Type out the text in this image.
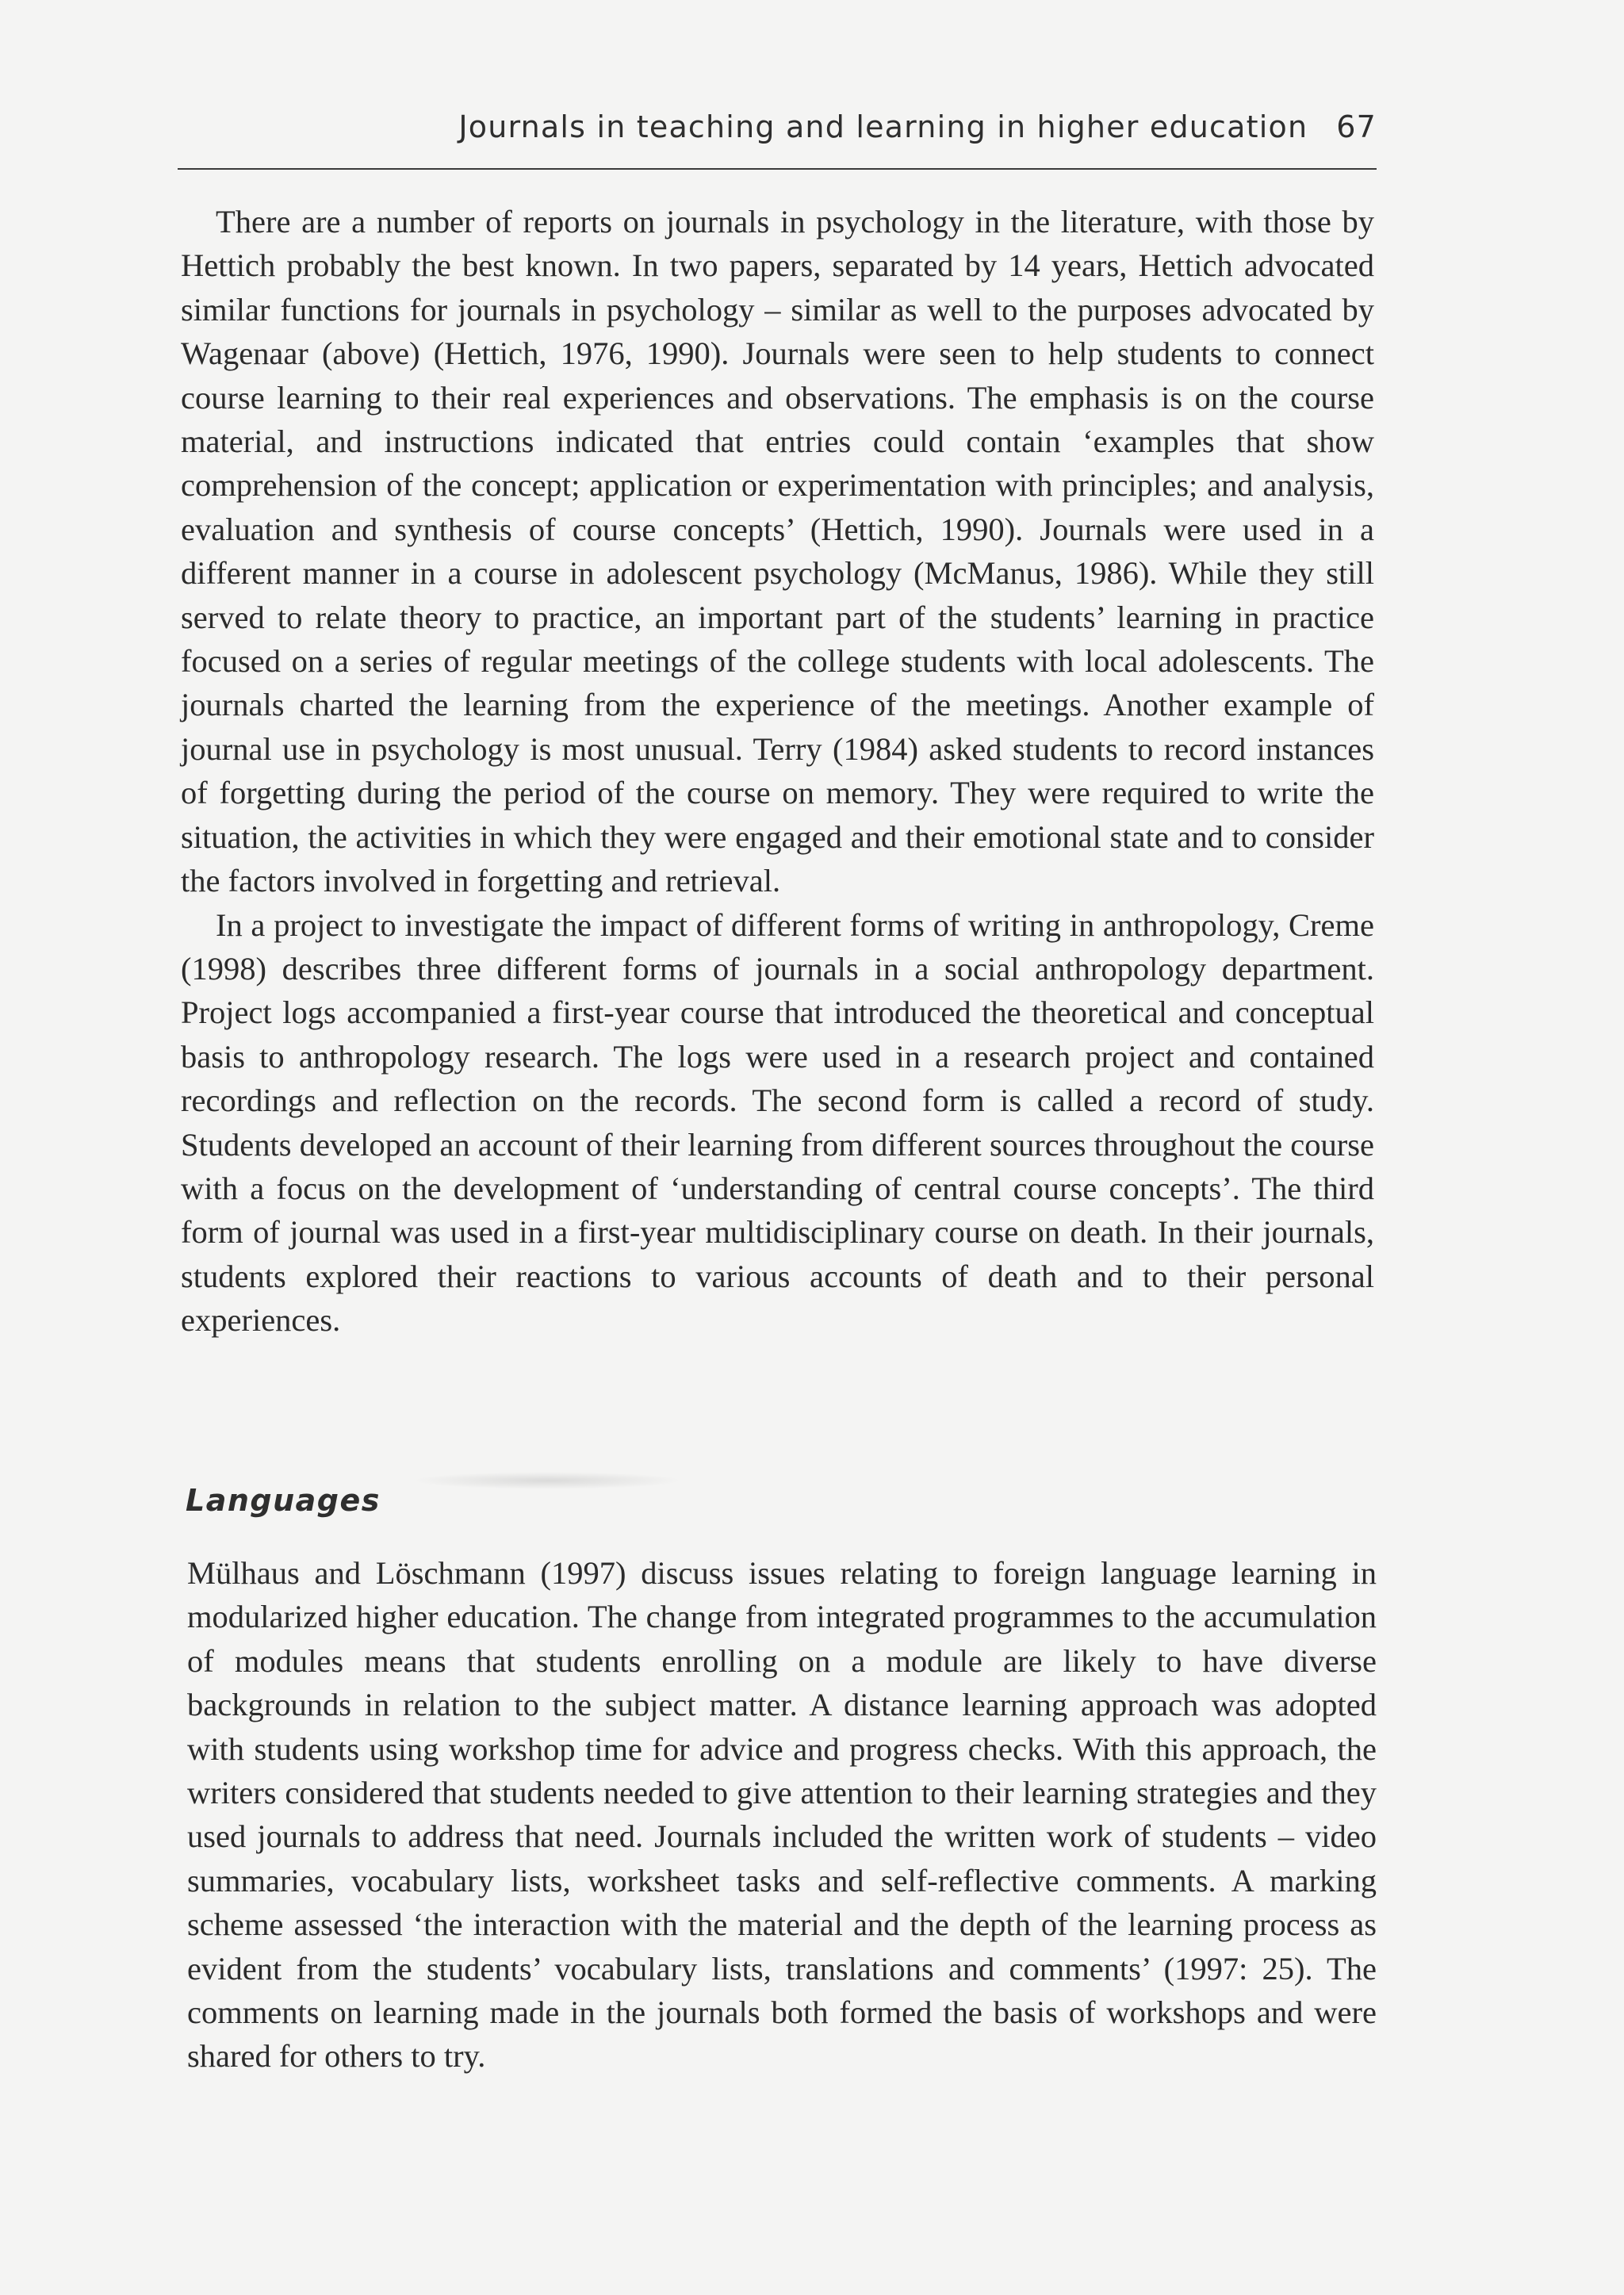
Journals in teaching and learning in higher education 67

There are a number of reports on journals in psychology in the literature, with those by Hettich probably the best known. In two papers, separated by 14 years, Hettich advocated similar functions for journals in psychology – similar as well to the purposes advocated by Wagenaar (above) (Hettich, 1976, 1990). Journals were seen to help students to connect course learning to their real experiences and observations. The emphasis is on the course material, and instructions indicated that entries could contain ‘examples that show comprehension of the concept; application or experimentation with principles; and analysis, evaluation and synthesis of course concepts’ (Hettich, 1990). Journals were used in a different manner in a course in adolescent psychology (McManus, 1986). While they still served to relate theory to practice, an important part of the students’ learning in practice focused on a series of regular meetings of the college students with local adolescents. The journals charted the learning from the experience of the meetings. Another example of journal use in psychology is most unusual. Terry (1984) asked students to record instances of forgetting during the period of the course on memory. They were required to write the situation, the activities in which they were engaged and their emotional state and to consider the factors involved in forgetting and retrieval.

In a project to investigate the impact of different forms of writing in anthropology, Creme (1998) describes three different forms of journals in a social anthropology department. Project logs accompanied a first-year course that introduced the theoretical and conceptual basis to anthropology research. The logs were used in a research project and contained recordings and reflection on the records. The second form is called a record of study. Students developed an account of their learning from different sources throughout the course with a focus on the development of ‘understanding of central course concepts’. The third form of journal was used in a first-year multidisciplinary course on death. In their journals, students explored their reactions to various accounts of death and to their personal experiences.

Languages

Mülhaus and Löschmann (1997) discuss issues relating to foreign language learning in modularized higher education. The change from integrated programmes to the accumulation of modules means that students enrolling on a module are likely to have diverse backgrounds in relation to the subject matter. A distance learning approach was adopted with students using workshop time for advice and progress checks. With this approach, the writers considered that students needed to give attention to their learning strategies and they used journals to address that need. Journals included the written work of students – video summaries, vocabulary lists, worksheet tasks and self-reflective comments. A marking scheme assessed ‘the interaction with the material and the depth of the learning process as evident from the students’ vocabulary lists, translations and comments’ (1997: 25). The comments on learning made in the journals both formed the basis of workshops and were shared for others to try.
